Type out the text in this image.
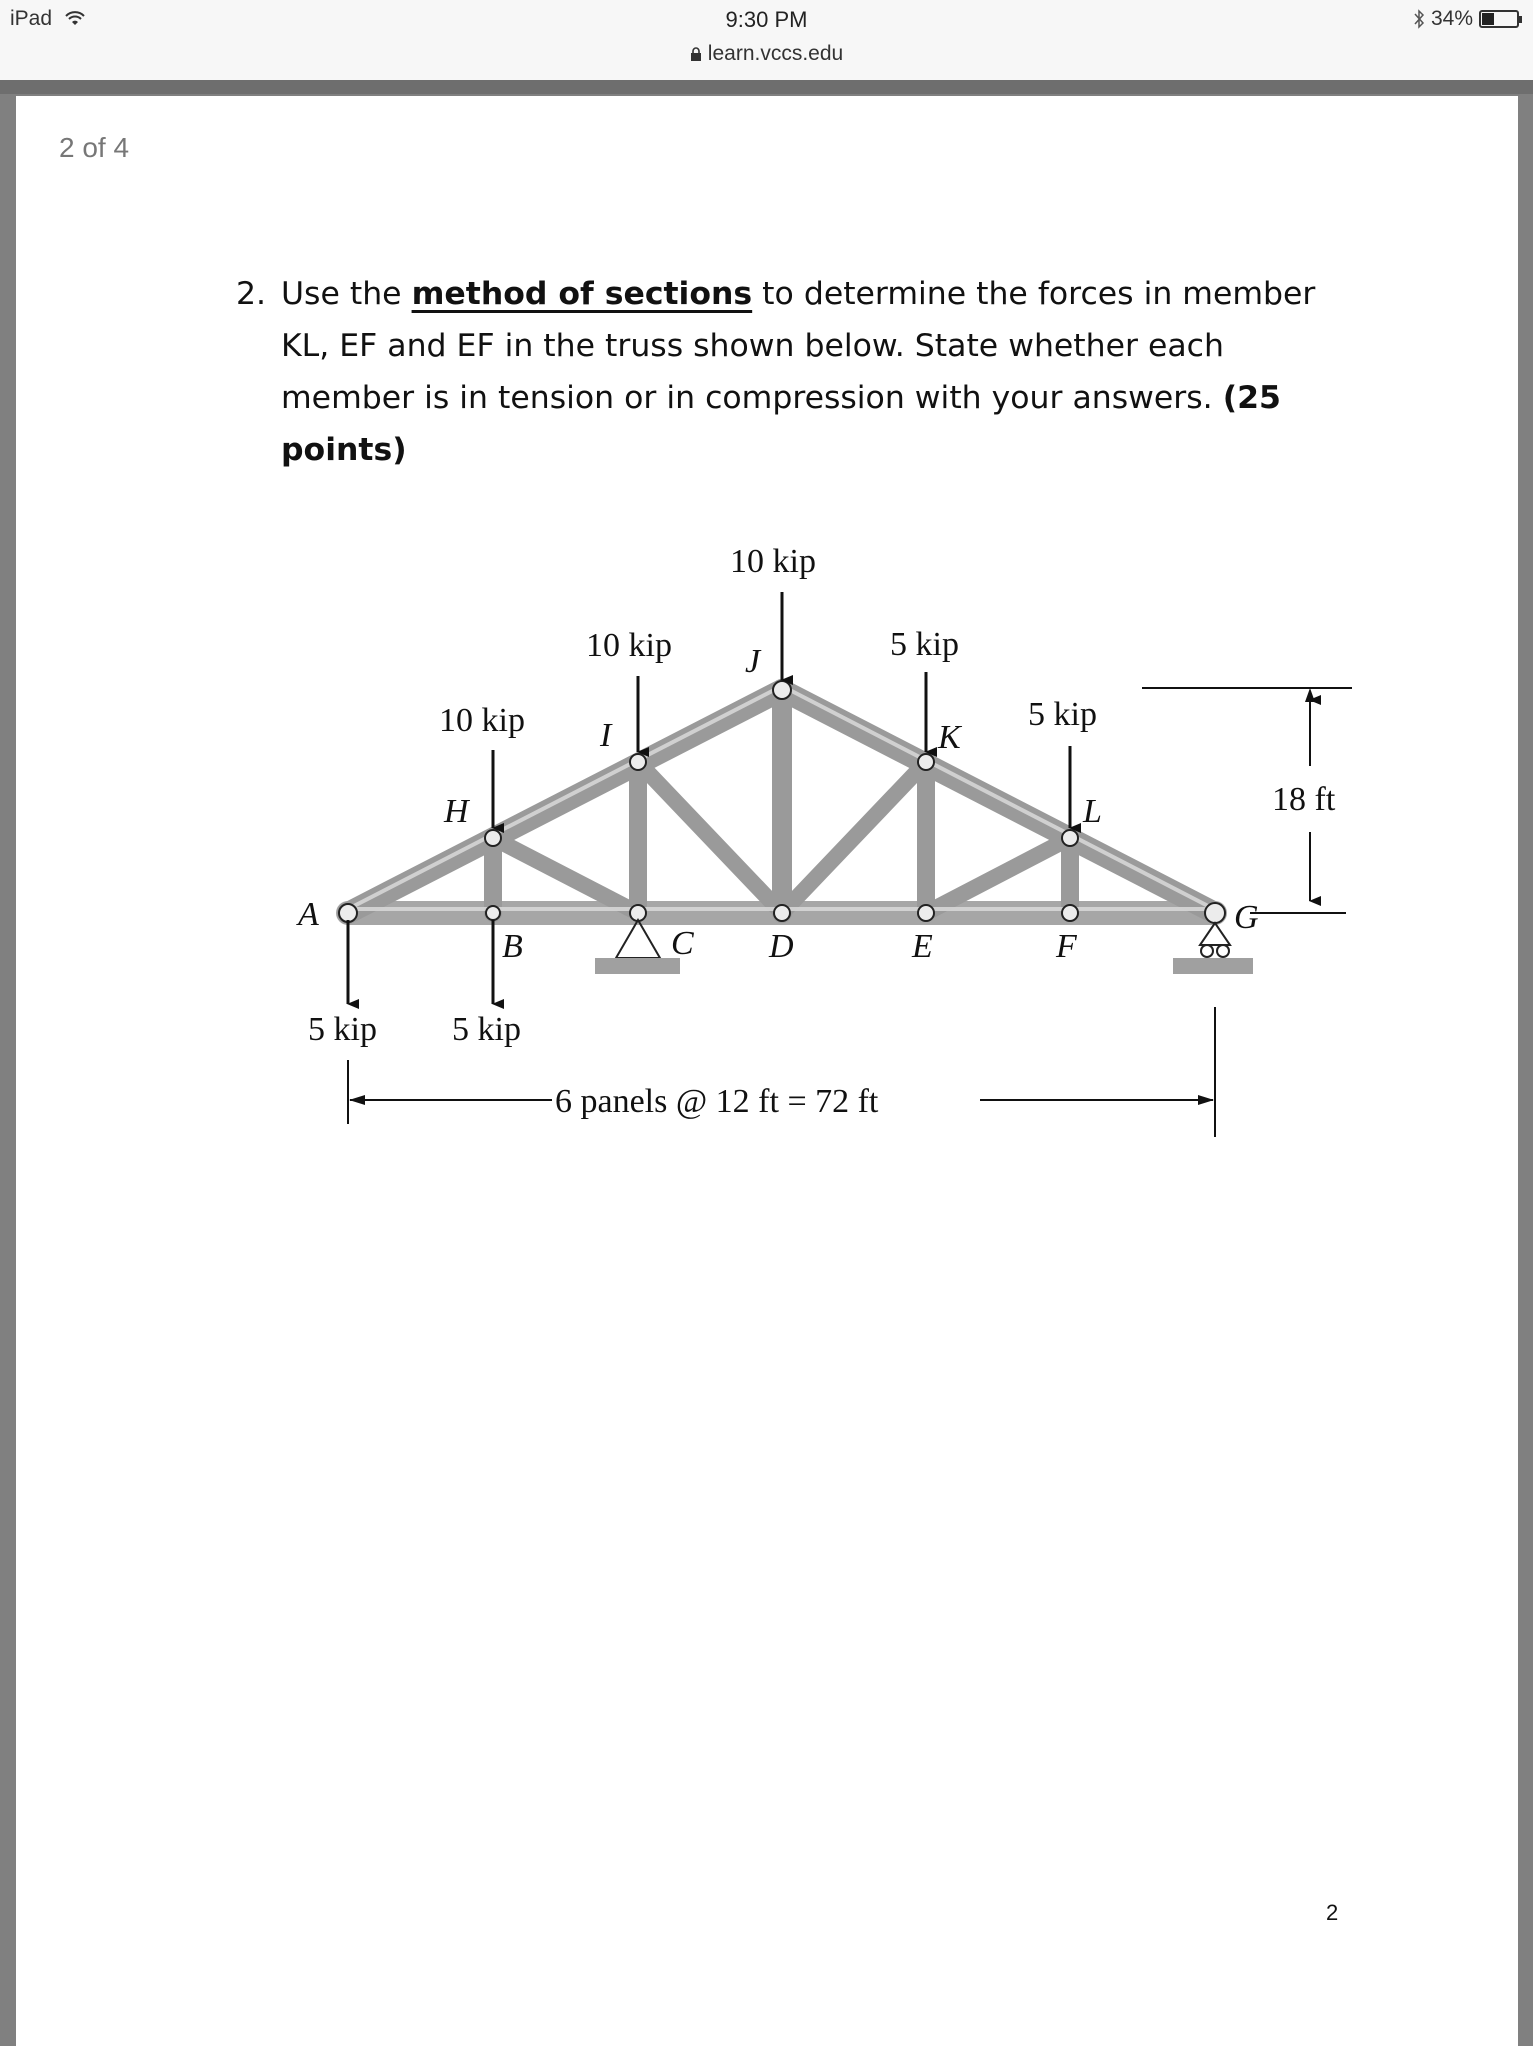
iPad	9:30 PM
learn.vccs.edu
34%
2 of 4
2. Use the method of sections to determine the forces in member KL, EF and EF in the truss shown below. State whether each member is in tension or in compression with your answers. (25 points)
10 kip
10 kip
10 kip
5 kip
5 kip
5 kip 5 kip
A
B	C D	E	F
G
H
I
J
K
L	18 ft
6 panels @ 12 ft = 72 ft
2
